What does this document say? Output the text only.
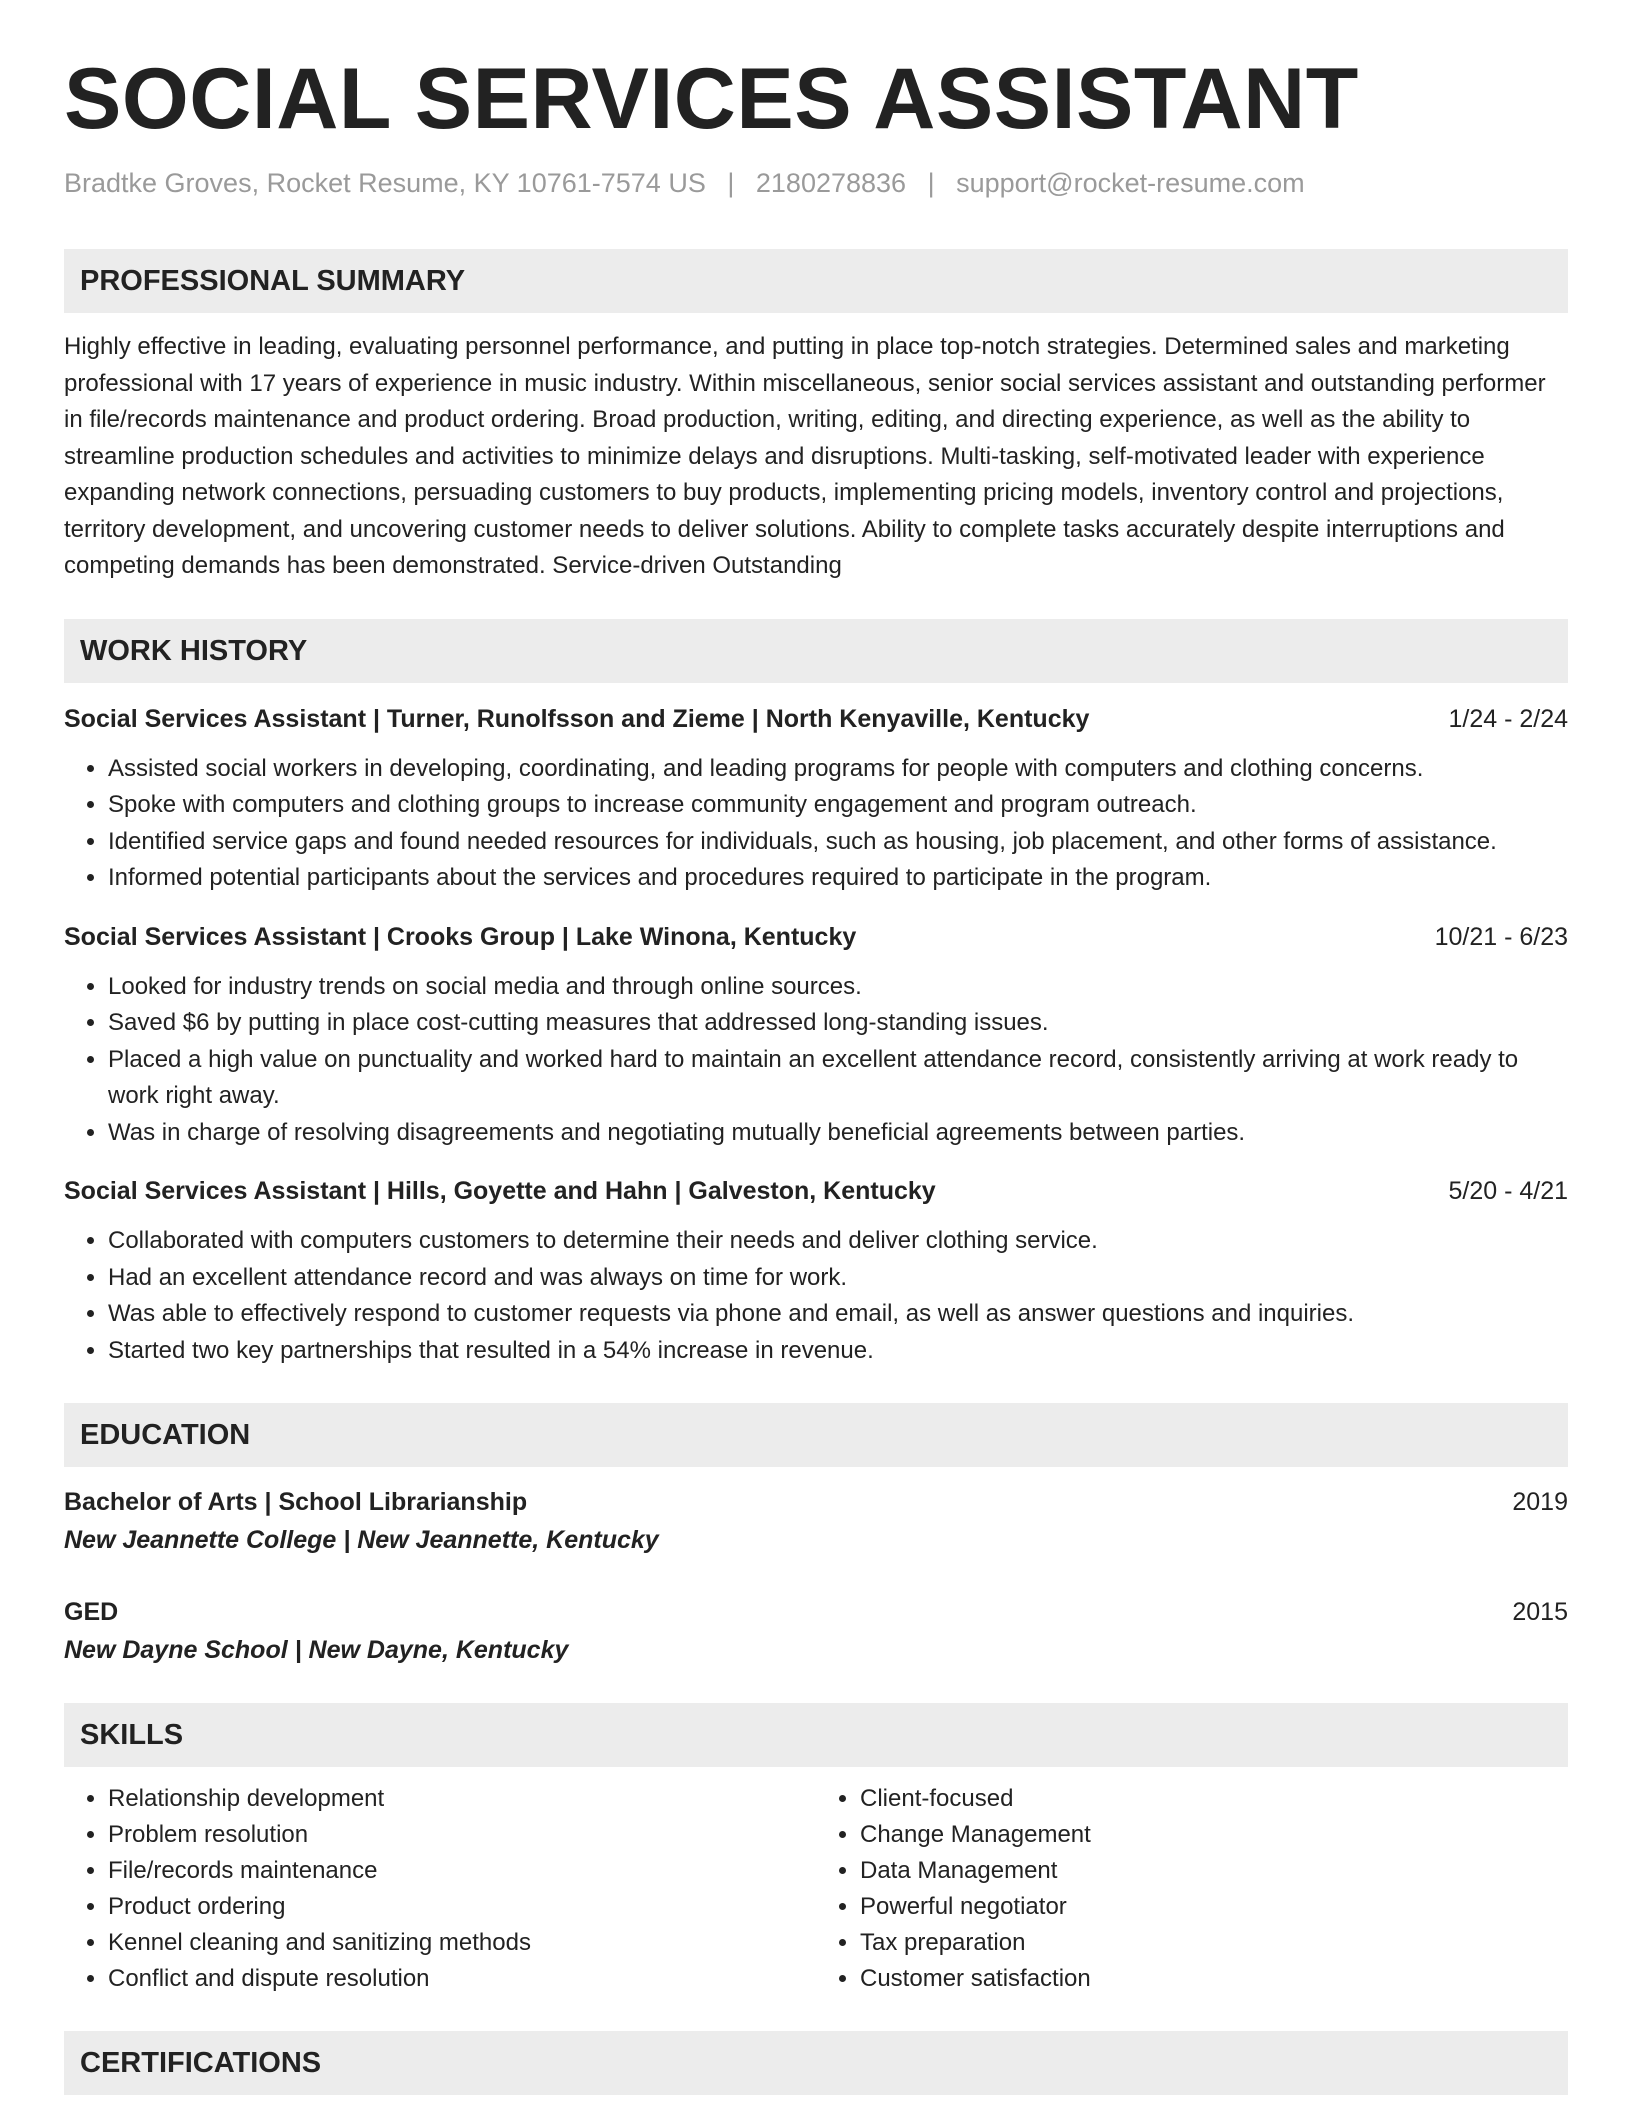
SOCIAL SERVICES ASSISTANT
Bradtke Groves, Rocket Resume, KY 10761-7574 US | 2180278836 | support@rocket-resume.com
PROFESSIONAL SUMMARY

Highly effective in leading, evaluating personnel performance, and putting in place top-notch strategies. Determined sales and marketing professional with 17 years of experience in music industry. Within miscellaneous, senior social services assistant and outstanding performer in file/records maintenance and product ordering. Broad production, writing, editing, and directing experience, as well as the ability to streamline production schedules and activities to minimize delays and disruptions. Multi-tasking, self-motivated leader with experience expanding network connections, persuading customers to buy products, implementing pricing models, inventory control and projections, territory development, and uncovering customer needs to deliver solutions. Ability to complete tasks accurately despite interruptions and competing demands has been demonstrated. Service-driven Outstanding

WORK HISTORY
Social Services Assistant | Turner, Runolfsson and Zieme | North Kenyaville, Kentucky	1/24 - 2/24
• Assisted social workers in developing, coordinating, and leading programs for people with computers and clothing concerns.
• Spoke with computers and clothing groups to increase community engagement and program outreach.
• Identified service gaps and found needed resources for individuals, such as housing, job placement, and other forms of assistance.
• Informed potential participants about the services and procedures required to participate in the program.
Social Services Assistant | Crooks Group | Lake Winona, Kentucky	10/21 - 6/23
• Looked for industry trends on social media and through online sources.
• Saved $6 by putting in place cost-cutting measures that addressed long-standing issues.
• Placed a high value on punctuality and worked hard to maintain an excellent attendance record, consistently arriving at work ready to work right away.
• Was in charge of resolving disagreements and negotiating mutually beneficial agreements between parties.
Social Services Assistant | Hills, Goyette and Hahn | Galveston, Kentucky	5/20 - 4/21
• Collaborated with computers customers to determine their needs and deliver clothing service.
• Had an excellent attendance record and was always on time for work.
• Was able to effectively respond to customer requests via phone and email, as well as answer questions and inquiries.
• Started two key partnerships that resulted in a 54% increase in revenue.
EDUCATION
Bachelor of Arts | School Librarianship	2019
New Jeannette College | New Jeannette, Kentucky
GED	2015
New Dayne School | New Dayne, Kentucky
SKILLS
• Relationship development
• Problem resolution
• File/records maintenance
• Product ordering
• Kennel cleaning and sanitizing methods
• Conflict and dispute resolution
• Client-focused
• Change Management
• Data Management
• Powerful negotiator
• Tax preparation
• Customer satisfaction
CERTIFICATIONS
